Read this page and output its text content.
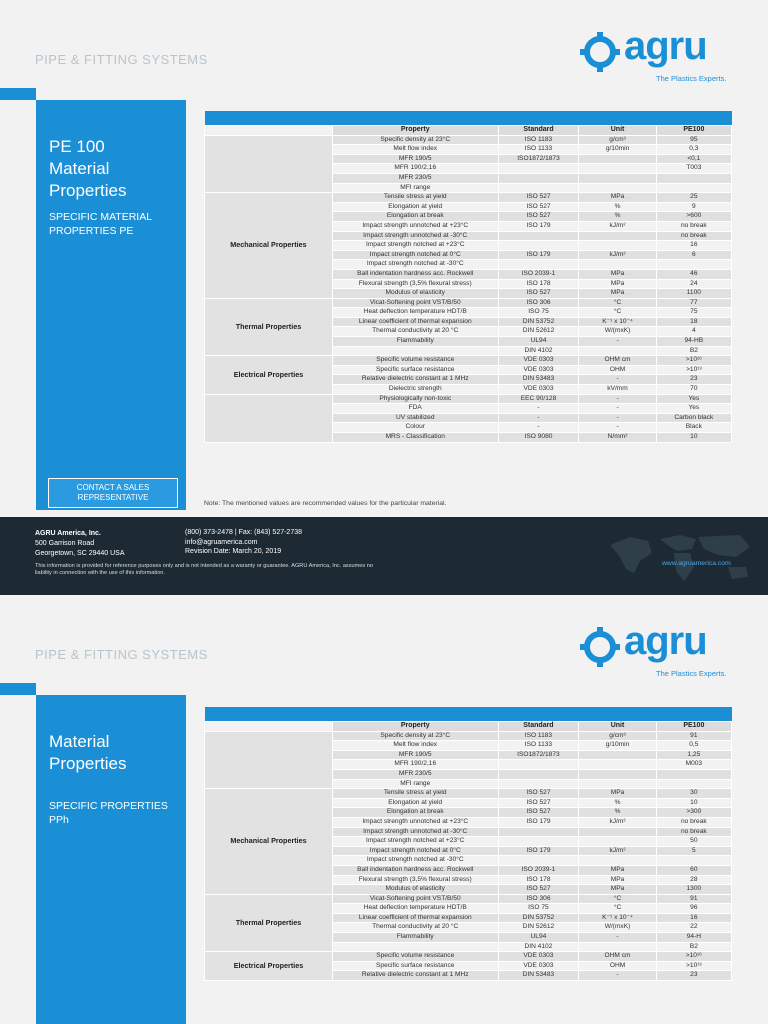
PIPE & FITTING SYSTEMS	agru
The Plastics Experts.
PE 100
Material
Properties
SPECIFIC MATERIAL PROPERTIES PE
CONTACT A SALES REPRESENTATIVE

	Property	Standard	Unit	PE100
	Specific density at 23°C	ISO 1183	g/cm³	95
	Melt flow index	ISO 1133	g/10min	0,3
	MFR 190/5	ISO1872/1873		<0,1
	MFR 190/2,16			T003
	MFR 230/5			
	MFI range			
Mechanical Properties	Tensile stress at yield	ISO 527	MPa	25
	Elongation at yield	ISO 527	%	9
	Elongation at break	ISO 527	%	>600
	Impact strength unnotched at +23°C	ISO 179	kJ/m²	no break
	Impact strength unnotched at -30°C			no break
	Impact strength notched at +23°C			16
	Impact strength notched at 0°C	ISO 179	kJ/m²	6
	Impact strength notched at -30°C			
	Ball indentation hardness acc. Rockwell	ISO 2039-1	MPa	46
	Flexural strength (3,5% flexural stress)	ISO 178	MPa	24
	Modulus of elasticity	ISO 527	MPa	1100
Thermal Properties	Vicat-Softening point VST/B/50	ISO 306	°C	77
	Heat deflection temperature HDT/B	ISO 75	°C	75
	Linear coefficient of thermal expansion	DIN 53752	K⁻¹ x 10⁻⁴	18
	Thermal conductivity at 20 °C	DIN 52612	W/(mxK)	4
	Flammability	UL94	-	94-HB
		DIN 4102		B2
Electrical Properties	Specific volume resistance	VDE 0303	OHM cm	>10¹⁶
	Specific surface resistance	VDE 0303	OHM	>10¹³
	Relative dielectric constant at 1 MHz	DIN 53483	-	23
	Dielectric strength	VDE 0303	kV/mm	70
	Physiologically non-toxic	EEC 90/128	-	Yes
	FDA	-	-	Yes
	UV stabilized	-	-	Carbon black
	Colour	-	-	Black
	MRS - Classification	ISO 9080	N/mm²	10
Note: The mentioned values are recommended values for the particular material.
AGRU America, Inc.
500 Garrison Road
Georgetown, SC 29440 USA
(800) 373-2478 | Fax: (843) 527-2738
info@agruamerica.com
Revision Date: March 20, 2019
This information is provided for reference purposes only and is not intended as a waranty or guarantee. AGRU America, Inc. assumes no liability in connection with the use of this information.
www.agruamerica.com
PIPE & FITTING SYSTEMS	agru
The Plastics Experts.
Material
Properties
SPECIFIC PROPERTIES PPh

	Property	Standard	Unit	PE100
	Specific density at 23°C	ISO 1183	g/cm³	91
	Melt flow index	ISO 1133	g/10min	0,5
	MFR 190/5	ISO1872/1873		1,25
	MFR 190/2,16			M003
	MFR 230/5			
	MFI range			
Mechanical Properties	Tensile stress at yield	ISO 527	MPa	30
	Elongation at yield	ISO 527	%	10
	Elongation at break	ISO 527	%	>300
	Impact strength unnotched at +23°C	ISO 179	kJ/m²	no break
	Impact strength unnotched at -30°C			no break
	Impact strength notched at +23°C			50
	Impact strength notched at 0°C	ISO 179	kJ/m²	5
	Impact strength notched at -30°C			
	Ball indentation hardness acc. Rockwell	ISO 2039-1	MPa	60
	Flexural strength (3,5% flexural stress)	ISO 178	MPa	28
	Modulus of elasticity	ISO 527	MPa	1300
Thermal Properties	Vicat-Softening point VST/B/50	ISO 306	°C	91
	Heat deflection temperature HDT/B	ISO 75	°C	96
	Linear coefficient of thermal expansion	DIN 53752	K⁻¹ x 10⁻⁴	16
	Thermal conductivity at 20 °C	DIN 52612	W/(mxK)	22
	Flammability	UL94	-	94-H
		DIN 4102		B2
Electrical Properties	Specific volume resistance	VDE 0303	OHM cm	>10¹⁶
	Specific surface resistance	VDE 0303	OHM	>10¹³
	Relative dielectric constant at 1 MHz	DIN 53483	-	23
